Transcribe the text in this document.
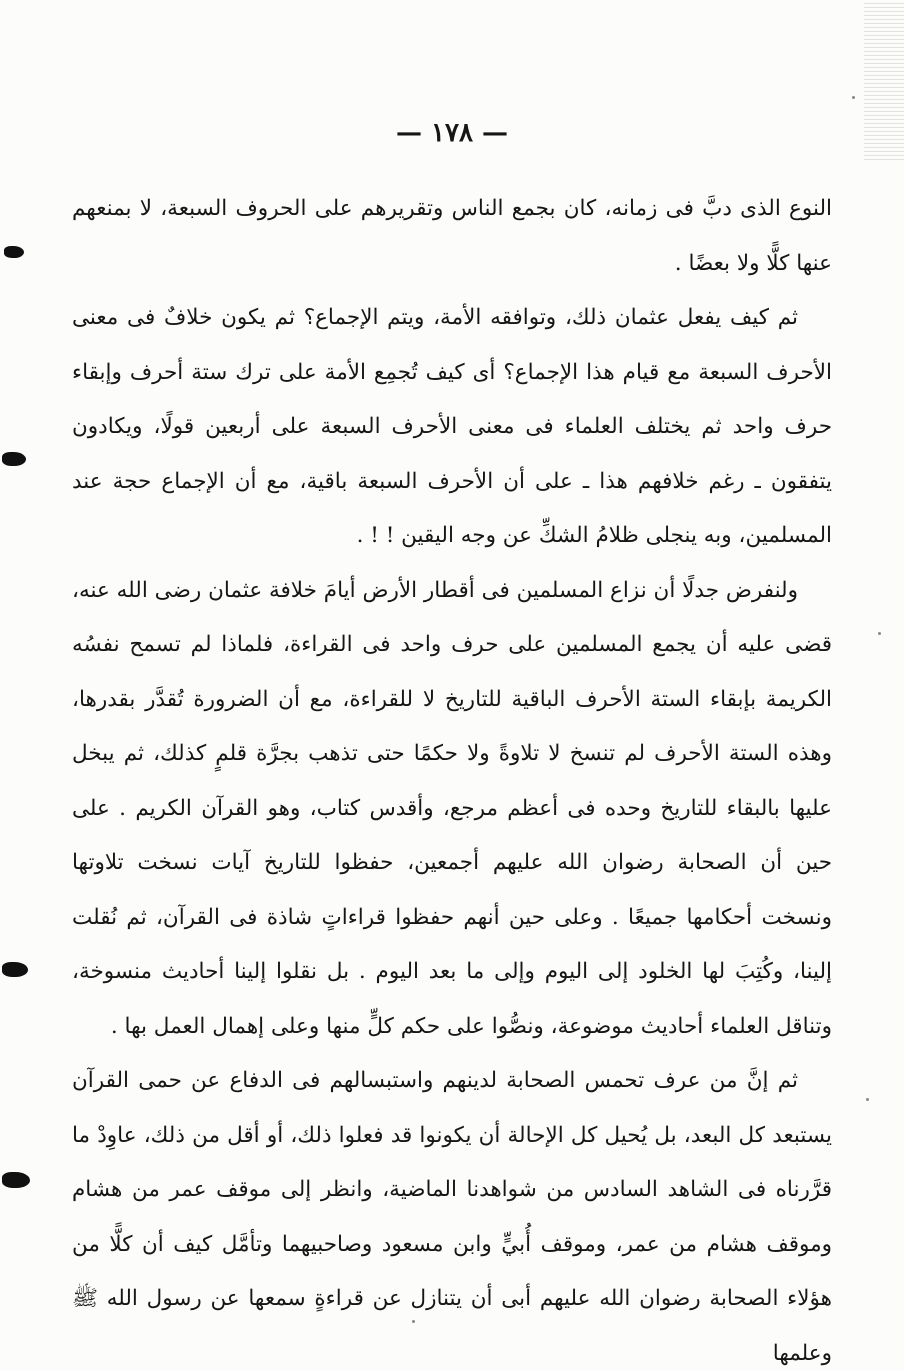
— ١٧٨ —

النوع الذى دبَّ فى زمانه، كان بجمع الناس وتقريرهم على الحروف السبعة، لا بمنعهم عنها كلًّا ولا بعضًا .

ثم كيف يفعل عثمان ذلك، وتوافقه الأمة، ويتم الإجماع؟ ثم يكون خلافٌ فى معنى الأحرف السبعة مع قيام هذا الإجماع؟ أى كيف تُجمِع الأمة على ترك ستة أحرف وإبقاء حرف واحد ثم يختلف العلماء فى معنى الأحرف السبعة على أربعين قولًا، ويكادون يتفقون ـ رغم خلافهم هذا ـ على أن الأحرف السبعة باقية، مع أن الإجماع حجة عند المسلمين، وبه ينجلى ظلامُ الشكِّ عن وجه اليقين ! ! .

ولنفرض جدلًا أن نزاع المسلمين فى أقطار الأرض أيامَ خلافة عثمان رضى الله عنه، قضى عليه أن يجمع المسلمين على حرف واحد فى القراءة، فلماذا لم تسمح نفسُه الكريمة بإبقاء الستة الأحرف الباقية للتاريخ لا للقراءة، مع أن الضرورة تُقدَّر بقدرها، وهذه الستة الأحرف لم تنسخ لا تلاوةً ولا حكمًا حتى تذهب بجرَّة قلمٍ كذلك، ثم يبخل عليها بالبقاء للتاريخ وحده فى أعظم مرجع، وأقدس كتاب، وهو القرآن الكريم . على حين أن الصحابة رضوان الله عليهم أجمعين، حفظوا للتاريخ آيات نسخت تلاوتها ونسخت أحكامها جميعًا . وعلى حين أنهم حفظوا قراءاتٍ شاذة فى القرآن، ثم نُقلت إلينا، وكُتِبَ لها الخلود إلى اليوم وإلى ما بعد اليوم . بل نقلوا إلينا أحاديث منسوخة، وتناقل العلماء أحاديث موضوعة، ونصُّوا على حكم كلٍّ منها وعلى إهمال العمل بها .

ثم إنَّ من عرف تحمس الصحابة لدينهم واستبسالهم فى الدفاع عن حمى القرآن يستبعد كل البعد، بل يُحيل كل الإحالة أن يكونوا قد فعلوا ذلك، أو أقل من ذلك، عاوِدْ ما قرَّرناه فى الشاهد السادس من شواهدنا الماضية، وانظر إلى موقف عمر من هشام وموقف هشام من عمر، وموقف أُبيٍّ وابن مسعود وصاحبيهما وتأمَّل كيف أن كلًّا من هؤلاء الصحابة رضوان الله عليهم أبى أن يتنازل عن قراءةٍ سمعها عن رسول الله ﷺ وعلمها
